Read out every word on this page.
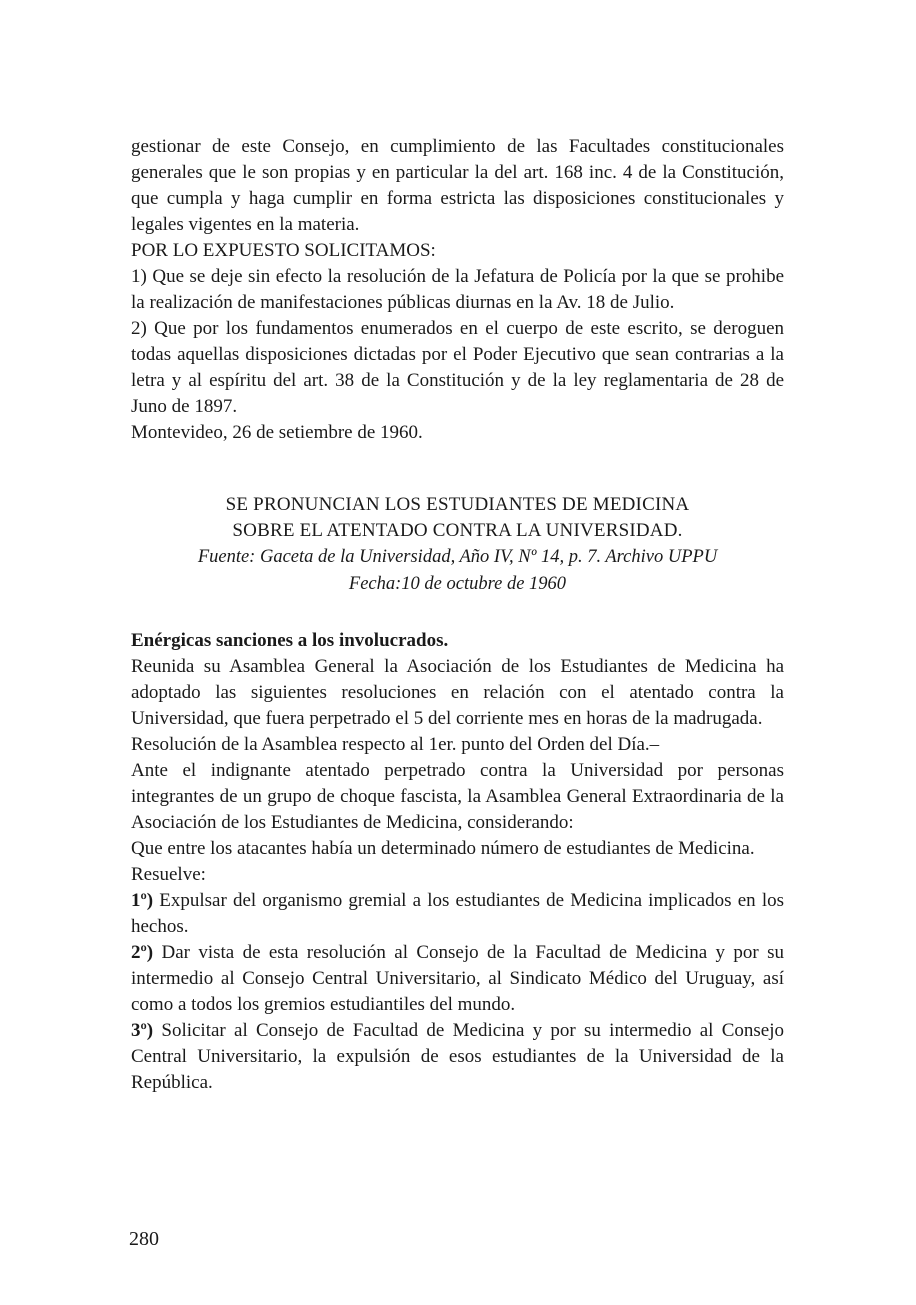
gestionar de este Consejo, en cumplimiento de las Facultades constitucionales generales que le son propias y en particular la del art. 168 inc. 4 de la Constitución, que cumpla y haga cumplir en forma estricta las disposiciones constitucionales y legales vigentes en la materia.

POR LO EXPUESTO SOLICITAMOS:

1) Que se deje sin efecto la resolución de la Jefatura de Policía por la que se prohibe la realización de manifestaciones públicas diurnas en la Av. 18 de Julio.

2) Que por los fundamentos enumerados en el cuerpo de este escrito, se deroguen todas aquellas disposiciones dictadas por el Poder Ejecutivo que sean contrarias a la letra y al espíritu del art. 38 de la Constitución y de la ley reglamentaria de 28 de Juno de 1897.

Montevideo, 26 de setiembre de 1960.

SE PRONUNCIAN LOS ESTUDIANTES DE MEDICINA
SOBRE EL ATENTADO CONTRA LA UNIVERSIDAD.
Fuente: Gaceta de la Universidad, Año IV, Nº 14, p. 7. Archivo UPPU
Fecha:10 de octubre de 1960

Enérgicas sanciones a los involucrados.

Reunida su Asamblea General la Asociación de los Estudiantes de Medicina ha adoptado las siguientes resoluciones en relación con el atentado contra la Universidad, que fuera perpetrado el 5 del corriente mes en horas de la madrugada.

Resolución de la Asamblea respecto al 1er. punto del Orden del Día.–

Ante el indignante atentado perpetrado contra la Universidad por personas integrantes de un grupo de choque fascista, la Asamblea General Extraordinaria de la Asociación de los Estudiantes de Medicina, considerando:

Que entre los atacantes había un determinado número de estudiantes de Medicina.

Resuelve:

1º) Expulsar del organismo gremial a los estudiantes de Medicina implicados en los hechos.

2º) Dar vista de esta resolución al Consejo de la Facultad de Medicina y por su intermedio al Consejo Central Universitario, al Sindicato Médico del Uruguay, así como a todos los gremios estudiantiles del mundo.

3º) Solicitar al Consejo de Facultad de Medicina y por su intermedio al Consejo Central Universitario, la expulsión de esos estudiantes de la Universidad de la República.

280
